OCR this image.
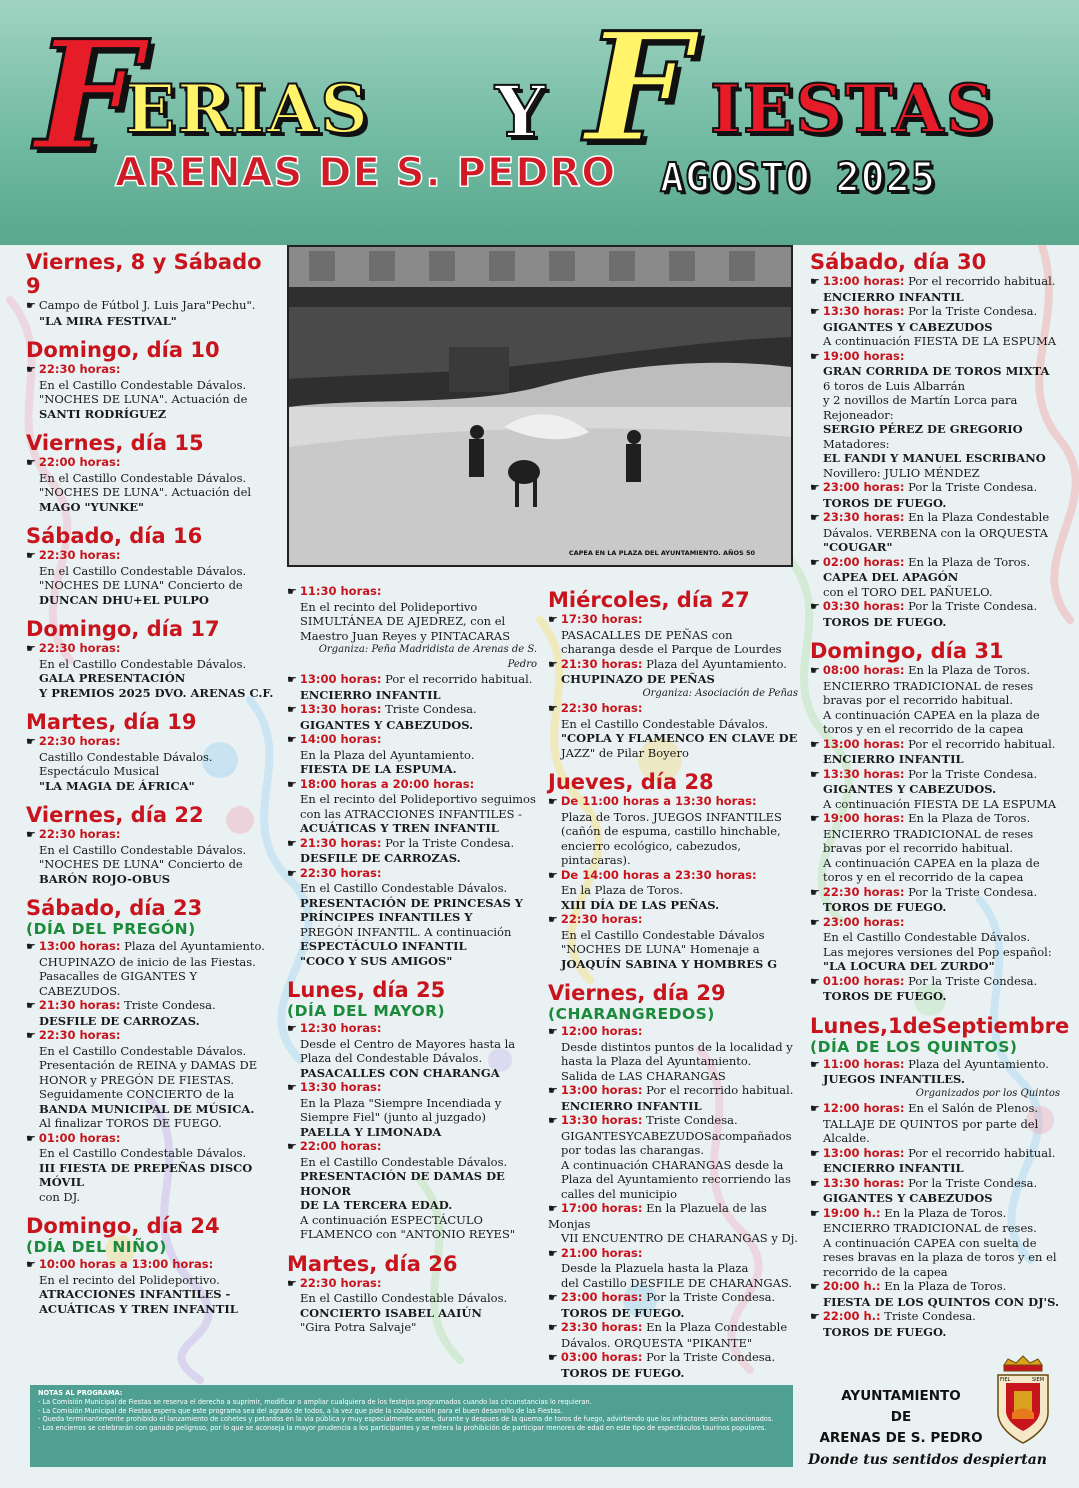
F
ERIAS Y F IESTAS
ARENAS DE S. PEDRO AGOSTO 2025
CAPEA EN LA PLAZA DEL AYUNTAMIENTO. AÑOS 50
Viernes, 8 y Sábado 9
☛ Campo de Fútbol J. Luis Jara"Pechu".
"LA MIRA FESTIVAL"
Domingo, día 10
☛ 22:30 horas:
En el Castillo Condestable Dávalos.
"NOCHES DE LUNA". Actuación de
SANTI RODRÍGUEZ
Viernes, día 15
☛ 22:00 horas:
En el Castillo Condestable Dávalos.
"NOCHES DE LUNA". Actuación del
MAGO "YUNKE"
Sábado, día 16
☛ 22:30 horas:
En el Castillo Condestable Dávalos.
"NOCHES DE LUNA" Concierto de
DUNCAN DHU+EL PULPO
Domingo, día 17
☛ 22:30 horas:
En el Castillo Condestable Dávalos.
GALA PRESENTACIÓN
Y PREMIOS 2025 DVO. ARENAS C.F.
Martes, día 19
☛ 22:30 horas:
Castillo Condestable Dávalos.
Espectáculo Musical
"LA MAGIA DE ÁFRICA"
Viernes, día 22
☛ 22:30 horas:
En el Castillo Condestable Dávalos.
"NOCHES DE LUNA" Concierto de
BARÓN ROJO-OBUS
Sábado, día 23
(DÍA DEL PREGÓN)
☛ 13:00 horas: Plaza del Ayuntamiento.
CHUPINAZO de inicio de las Fiestas.
Pasacalles de GIGANTES Y CABEZUDOS.
☛ 21:30 horas: Triste Condesa.
DESFILE DE CARROZAS.
☛ 22:30 horas:
En el Castillo Condestable Dávalos.
Presentación de REINA y DAMAS DE
HONOR y PREGÓN DE FIESTAS.
Seguidamente CONCIERTO de la
BANDA MUNICIPAL DE MÚSICA.
Al finalizar TOROS DE FUEGO.
☛ 01:00 horas:
En el Castillo Condestable Dávalos.
III FIESTA DE PREPEÑAS DISCO MÓVIL
con DJ.
Domingo, día 24
(DÍA DEL NIÑO)
☛ 10:00 horas a 13:00 horas:
En el recinto del Polideportivo.
ATRACCIONES INFANTILES -
ACUÁTICAS Y TREN INFANTIL
☛ 11:30 horas:
En el recinto del Polideportivo
SIMULTÁNEA DE AJEDREZ, con el
Maestro Juan Reyes y PINTACARAS
Organiza: Peña Madridista de Arenas de S. Pedro
☛ 13:00 horas: Por el recorrido habitual.
ENCIERRO INFANTIL
☛ 13:30 horas: Triste Condesa.
GIGANTES Y CABEZUDOS.
☛ 14:00 horas:
En la Plaza del Ayuntamiento.
FIESTA DE LA ESPUMA.
☛ 18:00 horas a 20:00 horas:
En el recinto del Polideportivo seguimos
con las ATRACCIONES INFANTILES -
ACUÁTICAS Y TREN INFANTIL
☛ 21:30 horas: Por la Triste Condesa.
DESFILE DE CARROZAS.
☛ 22:30 horas:
En el Castillo Condestable Dávalos.
PRESENTACIÓN DE PRINCESAS Y
PRÍNCIPES INFANTILES Y
PREGÓN INFANTIL. A continuación
ESPECTÁCULO INFANTIL
"COCO Y SUS AMIGOS"
Lunes, día 25
(DÍA DEL MAYOR)
☛ 12:30 horas:
Desde el Centro de Mayores hasta la
Plaza del Condestable Dávalos.
PASACALLES CON CHARANGA
☛ 13:30 horas:
En la Plaza "Siempre Incendiada y
Siempre Fiel" (junto al juzgado)
PAELLA Y LIMONADA
☛ 22:00 horas:
En el Castillo Condestable Dávalos.
PRESENTACIÓN DE DAMAS DE HONOR
DE LA TERCERA EDAD.
A continuación ESPECTÁCULO
FLAMENCO con "ANTONIO REYES"
Martes, día 26
☛ 22:30 horas:
En el Castillo Condestable Dávalos.
CONCIERTO ISABEL AAIÚN
"Gira Potra Salvaje"
Miércoles, día 27
☛ 17:30 horas:
PASACALLES DE PEÑAS con
charanga desde el Parque de Lourdes
☛ 21:30 horas: Plaza del Ayuntamiento.
CHUPINAZO DE PEÑAS
Organiza: Asociación de Peñas
☛ 22:30 horas:
En el Castillo Condestable Dávalos.
"COPLA Y FLAMENCO EN CLAVE DE
JAZZ" de Pilar Boyero
Jueves, día 28
☛ De 11:00 horas a 13:30 horas:
Plaza de Toros. JUEGOS INFANTILES
(cañón de espuma, castillo hinchable,
encierro ecológico, cabezudos,
pintacaras).
☛ De 14:00 horas a 23:30 horas:
En la Plaza de Toros.
XIII DÍA DE LAS PEÑAS.
☛ 22:30 horas:
En el Castillo Condestable Dávalos
"NOCHES DE LUNA" Homenaje a
JOAQUÍN SABINA Y HOMBRES G
Viernes, día 29
(CHARANGREDOS)
☛ 12:00 horas:
Desde distintos puntos de la localidad y
hasta la Plaza del Ayuntamiento.
Salida de LAS CHARANGAS
☛ 13:00 horas: Por el recorrido habitual.
ENCIERRO INFANTIL
☛ 13:30 horas: Triste Condesa.
GIGANTESYCABEZUDOSacompañados
por todas las charangas.
A continuación CHARANGAS desde la
Plaza del Ayuntamiento recorriendo las
calles del municipio
☛ 17:00 horas: En la Plazuela de las Monjas
VII ENCUENTRO DE CHARANGAS y Dj.
☛ 21:00 horas:
Desde la Plazuela hasta la Plaza
del Castillo DESFILE DE CHARANGAS.
☛ 23:00 horas: Por la Triste Condesa.
TOROS DE FUEGO.
☛ 23:30 horas: En la Plaza Condestable
Dávalos. ORQUESTA "PIKANTE"
☛ 03:00 horas: Por la Triste Condesa.
TOROS DE FUEGO.
Sábado, día 30
☛ 13:00 horas: Por el recorrido habitual.
ENCIERRO INFANTIL
☛ 13:30 horas: Por la Triste Condesa.
GIGANTES Y CABEZUDOS
A continuación FIESTA DE LA ESPUMA
☛ 19:00 horas:
GRAN CORRIDA DE TOROS MIXTA
6 toros de Luis Albarrán
y 2 novillos de Martín Lorca para
Rejoneador:
SERGIO PÉREZ DE GREGORIO
Matadores:
EL FANDI Y MANUEL ESCRIBANO
Novillero: JULIO MÉNDEZ
☛ 23:00 horas: Por la Triste Condesa.
TOROS DE FUEGO.
☛ 23:30 horas: En la Plaza Condestable
Dávalos. VERBENA con la ORQUESTA
"COUGAR"
☛ 02:00 horas: En la Plaza de Toros.
CAPEA DEL APAGÓN
con el TORO DEL PAÑUELO.
☛ 03:30 horas: Por la Triste Condesa.
TOROS DE FUEGO.
Domingo, día 31
☛ 08:00 horas: En la Plaza de Toros.
ENCIERRO TRADICIONAL de reses
bravas por el recorrido habitual.
A continuación CAPEA en la plaza de
toros y en el recorrido de la capea
☛ 13:00 horas: Por el recorrido habitual.
ENCIERRO INFANTIL
☛ 13:30 horas: Por la Triste Condesa.
GIGANTES Y CABEZUDOS.
A continuación FIESTA DE LA ESPUMA
☛ 19:00 horas: En la Plaza de Toros.
ENCIERRO TRADICIONAL de reses
bravas por el recorrido habitual.
A continuación CAPEA en la plaza de
toros y en el recorrido de la capea
☛ 22:30 horas: Por la Triste Condesa.
TOROS DE FUEGO.
☛ 23:00 horas:
En el Castillo Condestable Dávalos.
Las mejores versiones del Pop español:
"LA LOCURA DEL ZURDO"
☛ 01:00 horas: Por la Triste Condesa.
TOROS DE FUEGO.
Lunes,1deSeptiembre
(DÍA DE LOS QUINTOS)
☛ 11:00 horas: Plaza del Ayuntamiento.
JUEGOS INFANTILES.
Organizados por los Quintos
☛ 12:00 horas: En el Salón de Plenos.
TALLAJE DE QUINTOS por parte del
Alcalde.
☛ 13:00 horas: Por el recorrido habitual.
ENCIERRO INFANTIL
☛ 13:30 horas: Por la Triste Condesa.
GIGANTES Y CABEZUDOS
☛ 19:00 h.: En la Plaza de Toros.
ENCIERRO TRADICIONAL de reses.
A continuación CAPEA con suelta de
reses bravas en la plaza de toros y en el
recorrido de la capea
☛ 20:00 h.: En la Plaza de Toros.
FIESTA DE LOS QUINTOS CON DJ'S.
☛ 22:00 h.: Triste Condesa.
TOROS DE FUEGO.
NOTAS AL PROGRAMA:
- La Comisión Municipal de Fiestas se reserva el derecho a suprimir, modificar o ampliar cualquiera de los festejos programados cuando las circunstancias lo requieran.
- La Comisión Municipal de Fiestas espera que este programa sea del agrado de todos, a la vez que pide la colaboración para el buen desarrollo de las Fiestas.
- Queda terminantemente prohibido el lanzamiento de cohetes y petardos en la vía pública y muy especialmente antes, durante y despues de la quema de toros de fuego, advirtiendo que los infractores serán sancionados.
- Los encierros se celebrarán con ganado peligroso, por lo que se aconseja la mayor prudencia a los participantes y se reitera la prohibición de participar menores de edad en este tipo de espectáculos taurinos populares.
AYUNTAMIENTO
DE
ARENAS DE S. PEDRO
Donde tus sentidos despiertan
FIEL	SIEM
